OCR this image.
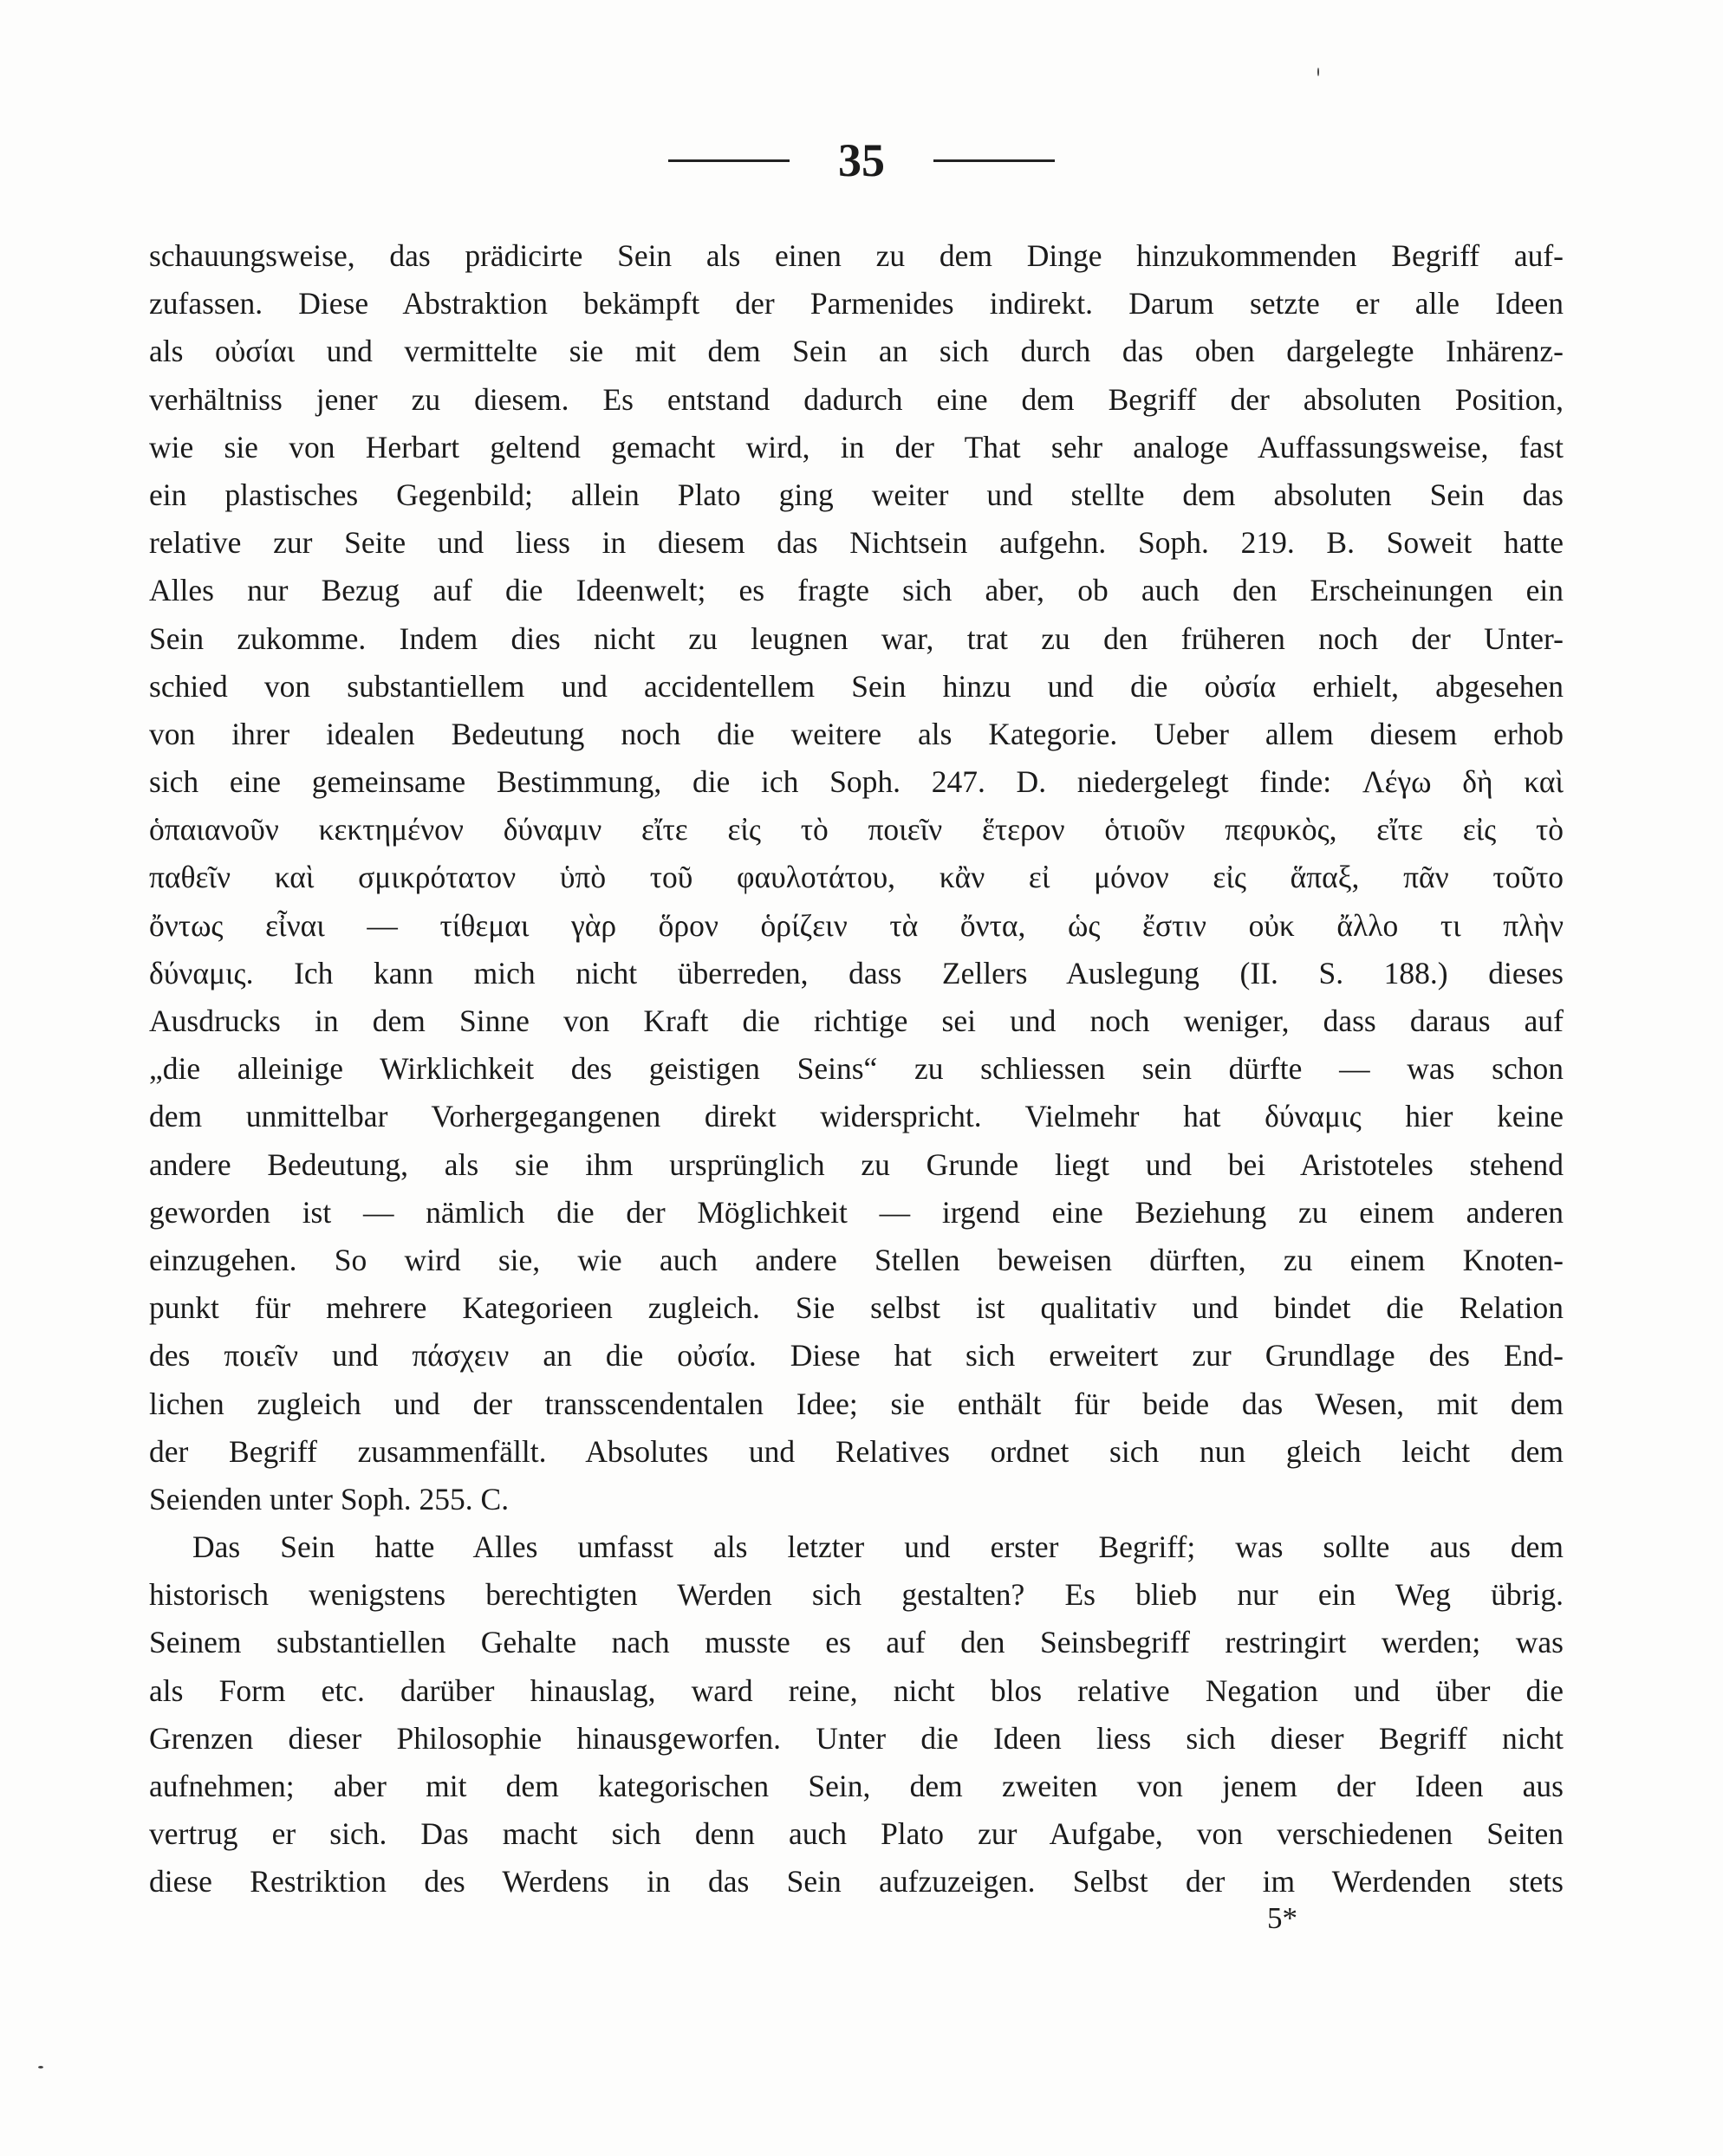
35
schauungsweise, das prädicirte Sein als einen zu dem Dinge hinzukommenden Begriff auf-
zufassen. Diese Abstraktion bekämpft der Parmenides indirekt. Darum setzte er alle Ideen
als οὐσίαι und vermittelte sie mit dem Sein an sich durch das oben dargelegte Inhärenz-
verhältniss jener zu diesem. Es entstand dadurch eine dem Begriff der absoluten Position,
wie sie von Herbart geltend gemacht wird, in der That sehr analoge Auffassungsweise, fast
ein plastisches Gegenbild; allein Plato ging weiter und stellte dem absoluten Sein das
relative zur Seite und liess in diesem das Nichtsein aufgehn. Soph. 219. B. Soweit hatte
Alles nur Bezug auf die Ideenwelt; es fragte sich aber, ob auch den Erscheinungen ein
Sein zukomme. Indem dies nicht zu leugnen war, trat zu den früheren noch der Unter-
schied von substantiellem und accidentellem Sein hinzu und die οὐσία erhielt, abgesehen
von ihrer idealen Bedeutung noch die weitere als Kategorie. Ueber allem diesem erhob
sich eine gemeinsame Bestimmung, die ich Soph. 247. D. niedergelegt finde: Λέγω δὴ καὶ
ὁπαιανοῦν κεκτημένον δύναμιν εἴτε εἰς τὸ ποιεῖν ἕτερον ὁτιοῦν πεφυκὸς, εἴτε εἰς τὸ
παθεῖν καὶ σμικρότατον ὑπὸ τοῦ φαυλοτάτου, κἂν εἰ μόνον εἰς ἅπαξ, πᾶν τοῦτο
ὄντως εἶναι — τίθεμαι γὰρ ὅρον ὁρίζειν τὰ ὄντα, ὡς ἔστιν οὐκ ἄλλο τι πλὴν
δύναμις. Ich kann mich nicht überreden, dass Zellers Auslegung (II. S. 188.) dieses
Ausdrucks in dem Sinne von Kraft die richtige sei und noch weniger, dass daraus auf
„die alleinige Wirklichkeit des geistigen Seins“ zu schliessen sein dürfte — was schon
dem unmittelbar Vorhergegangenen direkt widerspricht. Vielmehr hat δύναμις hier keine
andere Bedeutung, als sie ihm ursprünglich zu Grunde liegt und bei Aristoteles stehend
geworden ist — nämlich die der Möglichkeit — irgend eine Beziehung zu einem anderen
einzugehen. So wird sie, wie auch andere Stellen beweisen dürften, zu einem Knoten-
punkt für mehrere Kategorieen zugleich. Sie selbst ist qualitativ und bindet die Relation
des ποιεῖν und πάσχειν an die οὐσία. Diese hat sich erweitert zur Grundlage des End-
lichen zugleich und der transscendentalen Idee; sie enthält für beide das Wesen, mit dem
der Begriff zusammenfällt. Absolutes und Relatives ordnet sich nun gleich leicht dem
Seienden unter Soph. 255. C.
Das Sein hatte Alles umfasst als letzter und erster Begriff; was sollte aus dem
historisch wenigstens berechtigten Werden sich gestalten? Es blieb nur ein Weg übrig.
Seinem substantiellen Gehalte nach musste es auf den Seinsbegriff restringirt werden; was
als Form etc. darüber hinauslag, ward reine, nicht blos relative Negation und über die
Grenzen dieser Philosophie hinausgeworfen. Unter die Ideen liess sich dieser Begriff nicht
aufnehmen; aber mit dem kategorischen Sein, dem zweiten von jenem der Ideen aus
vertrug er sich. Das macht sich denn auch Plato zur Aufgabe, von verschiedenen Seiten
diese Restriktion des Werdens in das Sein aufzuzeigen. Selbst der im Werdenden stets
5*
